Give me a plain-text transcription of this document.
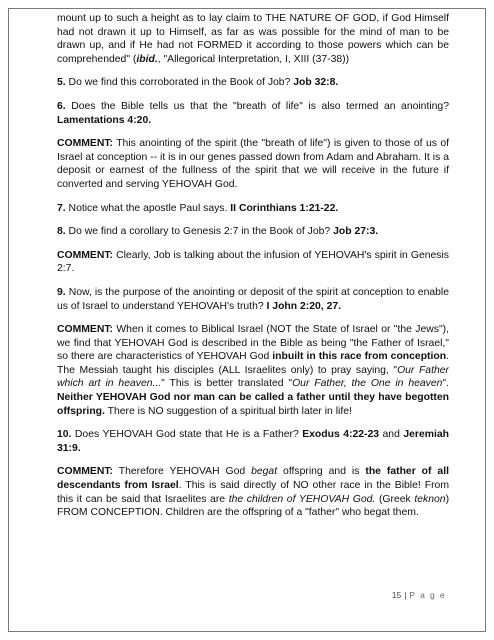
mount up to such a height as to lay claim to THE NATURE OF GOD, if God Himself had not drawn it up to Himself, as far as was possible for the mind of man to be drawn up, and if He had not FORMED it according to those powers which can be comprehended" (ibid., "Allegorical Interpretation, I, XIII (37-38))

5. Do we find this corroborated in the Book of Job? Job 32:8.

6. Does the Bible tells us that the "breath of life" is also termed an anointing? Lamentations 4:20.

COMMENT: This anointing of the spirit (the "breath of life") is given to those of us of Israel at conception -- it is in our genes passed down from Adam and Abraham. It is a deposit or earnest of the fullness of the spirit that we will receive in the future if converted and serving YEHOVAH God.

7. Notice what the apostle Paul says. II Corinthians 1:21-22.

8. Do we find a corollary to Genesis 2:7 in the Book of Job? Job 27:3.

COMMENT: Clearly, Job is talking about the infusion of YEHOVAH's spirit in Genesis 2:7.

9. Now, is the purpose of the anointing or deposit of the spirit at conception to enable us of Israel to understand YEHOVAH's truth? I John 2:20, 27.

COMMENT: When it comes to Biblical Israel (NOT the State of Israel or "the Jews"), we find that YEHOVAH God is described in the Bible as being "the Father of Israel," so there are characteristics of YEHOVAH God inbuilt in this race from conception. The Messiah taught his disciples (ALL Israelites only) to pray saying, "Our Father which art in heaven..." This is better translated "Our Father, the One in heaven". Neither YEHOVAH God nor man can be called a father until they have begotten offspring. There is NO suggestion of a spiritual birth later in life!

10. Does YEHOVAH God state that He is a Father? Exodus 4:22-23 and Jeremiah 31:9.

COMMENT: Therefore YEHOVAH God begat offspring and is the father of all descendants from Israel. This is said directly of NO other race in the Bible! From this it can be said that Israelites are the children of YEHOVAH God. (Greek teknon) FROM CONCEPTION. Children are the offspring of a "father" who begat them.

15 | P a g e
